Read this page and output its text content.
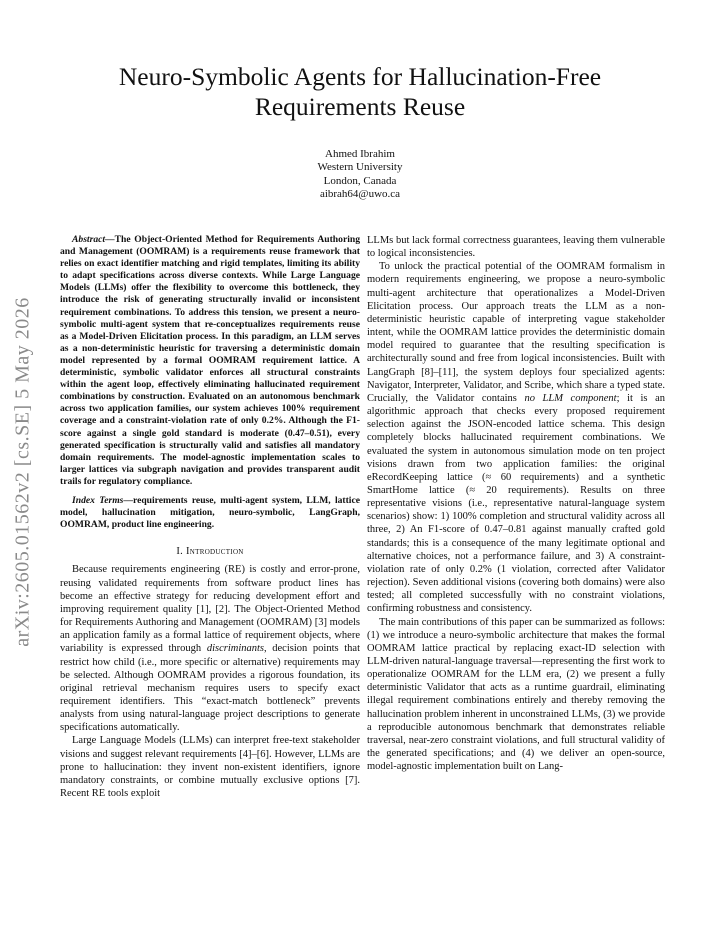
arXiv:2605.01562v2 [cs.SE] 5 May 2026
Neuro-Symbolic Agents for Hallucination-Free Requirements Reuse
Ahmed Ibrahim
Western University
London, Canada
aibrah64@uwo.ca

Abstract—The Object-Oriented Method for Requirements Authoring and Management (OOMRAM) is a requirements reuse framework that relies on exact identifier matching and rigid templates, limiting its ability to adapt specifications across diverse contexts. While Large Language Models (LLMs) offer the flexibility to overcome this bottleneck, they introduce the risk of generating structurally invalid or inconsistent requirement combinations. To address this tension, we present a neuro-symbolic multi-agent system that re-conceptualizes requirements reuse as a Model-Driven Elicitation process. In this paradigm, an LLM serves as a non-deterministic heuristic for traversing a deterministic domain model represented by a formal OOMRAM requirement lattice. A deterministic, symbolic validator enforces all structural constraints within the agent loop, effectively eliminating hallucinated requirement combinations by construction. Evaluated on an autonomous benchmark across two application families, our system achieves 100% requirement coverage and a constraint-violation rate of only 0.2%. Although the F1-score against a single gold standard is moderate (0.47–0.51), every generated specification is structurally valid and satisfies all mandatory domain requirements. The model-agnostic implementation scales to larger lattices via subgraph navigation and provides transparent audit trails for regulatory compliance.

Index Terms—requirements reuse, multi-agent system, LLM, lattice model, hallucination mitigation, neuro-symbolic, LangGraph, OOMRAM, product line engineering.

I. Introduction

Because requirements engineering (RE) is costly and error-prone, reusing validated requirements from software product lines has become an effective strategy for reducing development effort and improving requirement quality [1], [2]. The Object-Oriented Method for Requirements Authoring and Management (OOMRAM) [3] models an application family as a formal lattice of requirement objects, where variability is expressed through discriminants, decision points that restrict how child (i.e., more specific or alternative) requirements may be selected. Although OOMRAM provides a rigorous foundation, its original retrieval mechanism requires users to specify exact requirement identifiers. This “exact-match bottleneck” prevents analysts from using natural-language project descriptions to generate specifications automatically.

Large Language Models (LLMs) can interpret free-text stakeholder visions and suggest relevant requirements [4]–[6]. However, LLMs are prone to hallucination: they invent non-existent identifiers, ignore mandatory constraints, or combine mutually exclusive options [7]. Recent RE tools exploit

LLMs but lack formal correctness guarantees, leaving them vulnerable to logical inconsistencies.

To unlock the practical potential of the OOMRAM formalism in modern requirements engineering, we propose a neuro-symbolic multi-agent architecture that operationalizes a Model-Driven Elicitation process. Our approach treats the LLM as a non-deterministic heuristic capable of interpreting vague stakeholder intent, while the OOMRAM lattice provides the deterministic domain model required to guarantee that the resulting specification is architecturally sound and free from logical inconsistencies. Built with LangGraph [8]–[11], the system deploys four specialized agents: Navigator, Interpreter, Validator, and Scribe, which share a typed state. Crucially, the Validator contains no LLM component; it is an algorithmic approach that checks every proposed requirement selection against the JSON-encoded lattice schema. This design completely blocks hallucinated requirement combinations. We evaluated the system in autonomous simulation mode on ten project visions drawn from two application families: the original eRecordKeeping lattice (≈ 60 requirements) and a synthetic SmartHome lattice (≈ 20 requirements). Results on three representative visions (i.e., representative natural-language system scenarios) show: 1) 100% completion and structural validity across all three, 2) An F1-score of 0.47–0.81 against manually crafted gold standards; this is a consequence of the many legitimate optional and alternative choices, not a performance failure, and 3) A constraint-violation rate of only 0.2% (1 violation, corrected after Validator rejection). Seven additional visions (covering both domains) were also tested; all completed successfully with no constraint violations, confirming robustness and consistency.

The main contributions of this paper can be summarized as follows: (1) we introduce a neuro-symbolic architecture that makes the formal OOMRAM lattice practical by replacing exact-ID selection with LLM-driven natural-language traversal—representing the first work to operationalize OOMRAM for the LLM era, (2) we present a fully deterministic Validator that acts as a runtime guardrail, eliminating illegal requirement combinations entirely and thereby removing the hallucination problem inherent in unconstrained LLMs, (3) we provide a reproducible autonomous benchmark that demonstrates reliable traversal, near-zero constraint violations, and full structural validity of the generated specifications; and (4) we deliver an open-source, model-agnostic implementation built on Lang-
